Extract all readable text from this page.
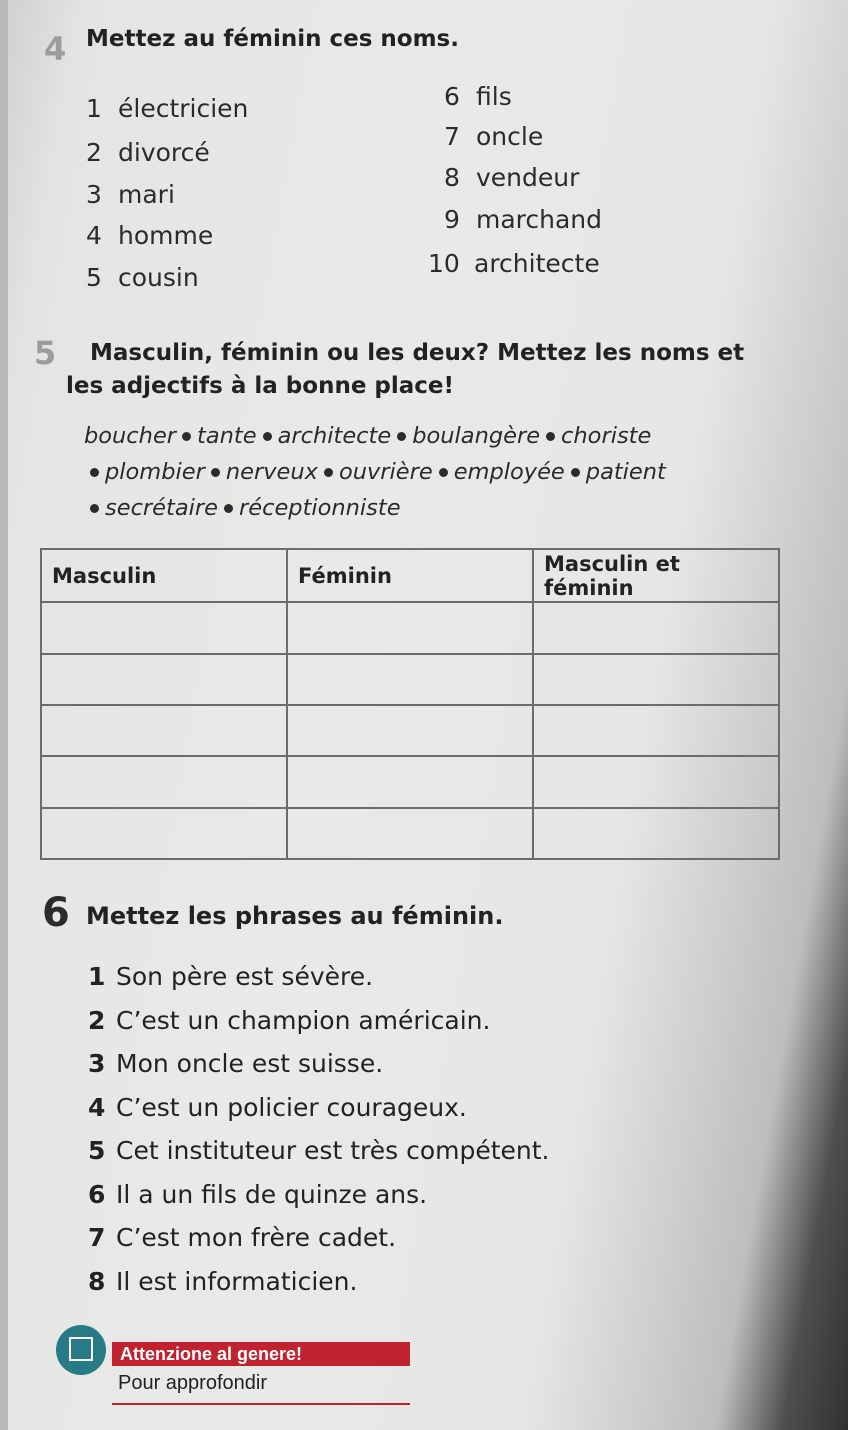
4 Mettez au féminin ces noms.
1 électricien
2 divorcé
3 mari
4 homme
5 cousin
6 fils
7 oncle
8 vendeur
9 marchand
10 architecte
5 Masculin, féminin ou les deux? Mettez les noms et
les adjectifs à la bonne place!
boucher tante architecte boulangère choriste
plombier nerveux ouvrière employée patient
secrétaire réceptionniste
Masculin	Féminin	Masculin et féminin

6 Mettez les phrases au féminin.
1 Son père est sévère.
2 C’est un champion américain.
3 Mon oncle est suisse.
4 C’est un policier courageux.
5 Cet instituteur est très compétent.
6 Il a un fils de quinze ans.
7 C’est mon frère cadet.
8 Il est informaticien.
Attenzione al genere!
Pour approfondir
